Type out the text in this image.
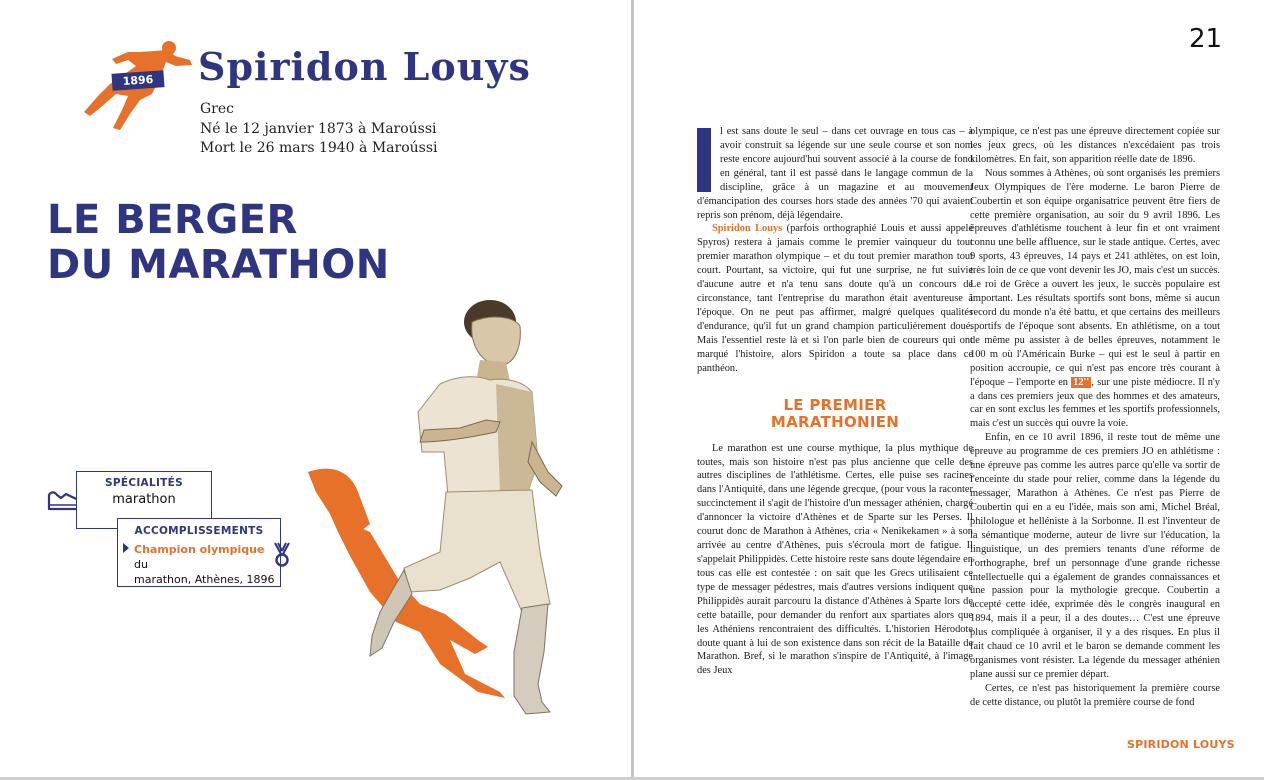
1896 Spiridon Louys
Grec
Né le 12 janvier 1873 à Maroússi
Mort le 26 mars 1940 à Maroússi
LE BERGER
DU MARATHON
SPÉCIALITÉS
marathon
ACCOMPLISSEMENTS
Champion olympique du
marathon, Athènes, 1896
21

l est sans doute le seul – dans cet ouvrage en tous cas – à avoir construit sa légende sur une seule course et son nom reste encore aujourd'hui souvent associé à la course de fond en général, tant il est passé dans le langage commun de la discipline, grâce à un magazine et au mouvement d'émancipation des courses hors stade des années '70 qui avaient repris son prénom, déjà légendaire.

Spiridon Louys (parfois orthographié Louis et aussi appelé Spyros) restera à jamais comme le premier vainqueur du tout premier marathon olympique – et du tout premier marathon tout court. Pourtant, sa victoire, qui fut une surprise, ne fut suivie d'aucune autre et n'a tenu sans doute qu'à un concours de circonstance, tant l'entreprise du marathon était aventureuse à l'époque. On ne peut pas affirmer, malgré quelques qualités d'endurance, qu'il fut un grand champion particulièrement doué. Mais l'essentiel reste là et si l'on parle bien de coureurs qui ont marqué l'histoire, alors Spiridon a toute sa place dans ce panthéon.

LE PREMIER
MARATHONIEN

Le marathon est une course mythique, la plus mythique de toutes, mais son histoire n'est pas plus ancienne que celle des autres disciplines de l'athlétisme. Certes, elle puise ses racines dans l'Antiquité, dans une légende grecque, (pour vous la raconter succinctement il s'agit de l'histoire d'un messager athénien, chargé d'annoncer la victoire d'Athènes et de Sparte sur les Perses. Il courut donc de Marathon à Athènes, cria « Nenikekamen » à son arrivée au centre d'Athènes, puis s'écroula mort de fatigue. Il s'appelait Philippidès. Cette histoire reste sans doute légendaire en tous cas elle est contestée : on sait que les Grecs utilisaient ce type de messager pédestres, mais d'autres versions indiquent que Philippidès aurait parcouru la distance d'Athènes à Sparte lors de cette bataille, pour demander du renfort aux spartiates alors que les Athéniens rencontraient des difficultés. L'historien Hérodote doute quant à lui de son existence dans son récit de la Bataille de Marathon. Bref, si le marathon s'inspire de l'Antiquité, à l'image des Jeux

olympique, ce n'est pas une épreuve directement copiée sur les jeux grecs, où les distances n'excédaient pas trois kilomètres. En fait, son apparition réelle date de 1896.

Nous sommes à Athènes, où sont organisés les premiers Jeux Olympiques de l'ère moderne. Le baron Pierre de Coubertin et son équipe organisatrice peuvent être fiers de cette première organisation, au soir du 9 avril 1896. Les épreuves d'athlétisme touchent à leur fin et ont vraiment connu une belle affluence, sur le stade antique. Certes, avec 9 sports, 43 épreuves, 14 pays et 241 athlètes, on est loin, très loin de ce que vont devenir les JO, mais c'est un succès. Le roi de Grèce a ouvert les jeux, le succès populaire est important. Les résultats sportifs sont bons, même si aucun record du monde n'a été battu, et que certains des meilleurs sportifs de l'époque sont absents. En athlétisme, on a tout de même pu assister à de belles épreuves, notamment le 100 m où l'Américain Burke – qui est le seul à partir en position accroupie, ce qui n'est pas encore très courant à l'époque – l'emporte en 12'' , sur une piste médiocre. Il n'y a dans ces premiers jeux que des hommes et des amateurs, car en sont exclus les femmes et les sportifs professionnels, mais c'est un succès qui ouvre la voie.

Enfin, en ce 10 avril 1896, il reste tout de même une épreuve au programme de ces premiers JO en athlétisme : une épreuve pas comme les autres parce qu'elle va sortir de l'enceinte du stade pour relier, comme dans la légende du messager, Marathon à Athènes. Ce n'est pas Pierre de Coubertin qui en a eu l'idée, mais son ami, Michel Bréal, philologue et helléniste à la Sorbonne. Il est l'inventeur de la sémantique moderne, auteur de livre sur l'éducation, la linguistique, un des premiers tenants d'une réforme de l'orthographe, bref un personnage d'une grande richesse intellectuelle qui a également de grandes connaissances et une passion pour la mythologie grecque. Coubertin a accepté cette idée, exprimée dès le congrès inaugural en 1894, mais il a peur, il a des doutes… C'est une épreuve plus compliquée à organiser, il y a des risques. En plus il fait chaud ce 10 avril et le baron se demande comment les organismes vont résister. La légende du messager athénien plane aussi sur ce premier départ.

Certes, ce n'est pas historiquement la première course de cette distance, ou plutôt la première course de fond

SPIRIDON LOUYS
